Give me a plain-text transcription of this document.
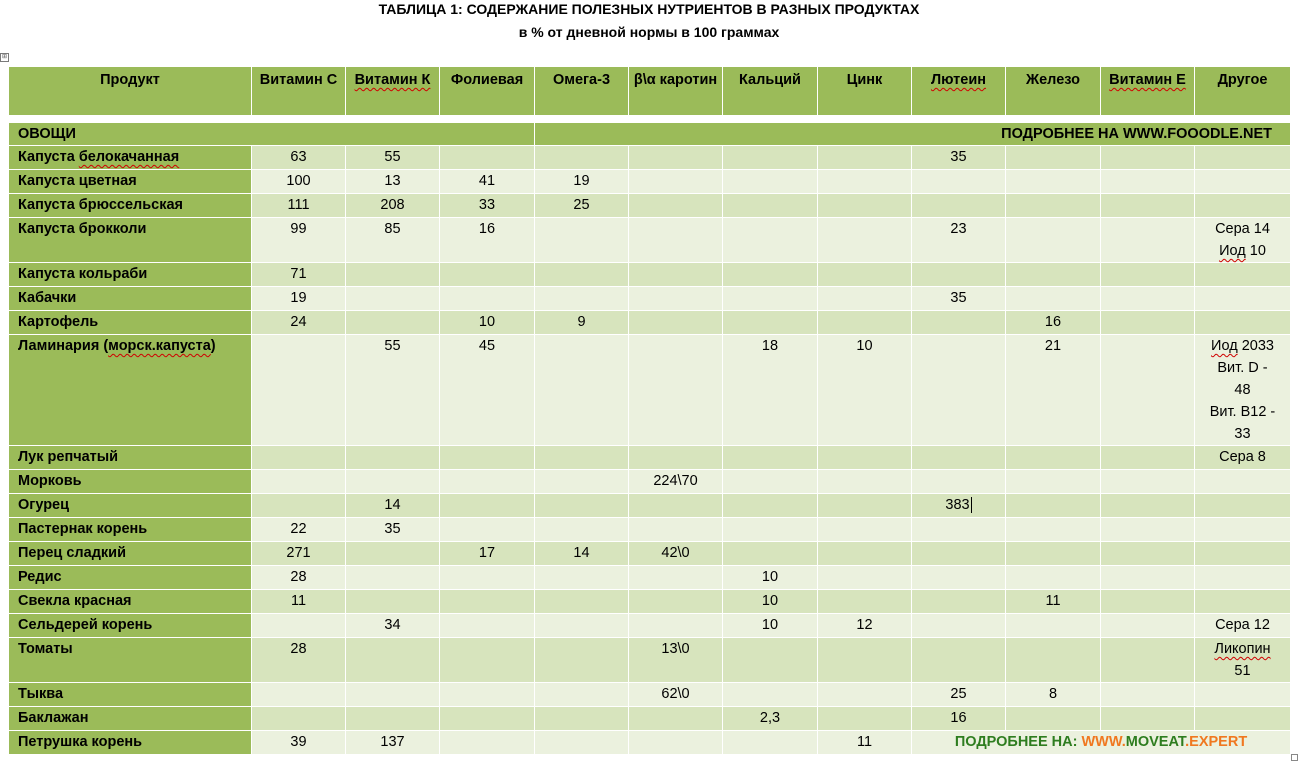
ТАБЛИЦА 1: СОДЕРЖАНИЕ ПОЛЕЗНЫХ НУТРИЕНТОВ В РАЗНЫХ ПРОДУКТАХ
в % от дневной нормы в 100 граммах
⊞
Продукт	Витамин С	Витамин К	Фолиевая	Омега-3	β\α каротин	Кальций	Цинк	Лютеин	Железо	Витамин Е	Другое

ОВОЩИ				ПОДРОБНЕЕ НА WWW.FOOODLE.NET							
Капуста белокачанная	63	55						35			
Капуста цветная	100	13	41	19							
Капуста брюссельская	111	208	33	25							
Капуста брокколи	99	85	16					23			Сера 14
Иод 10

Капуста кольраби	71										
Кабачки	19							35			
Картофель	24		10	9					16		
Ламинария (морск.капуста)		55	45			18	10		21		Иод 2033
Вит. D -
48
Вит. В12 -
33

Лук репчатый											Сера 8
Морковь					224\70						
Огурец		14						383			
Пастернак корень	22	35									
Перец сладкий	271		17	14	42\0						
Редис	28					10					
Свекла красная	11					10			11		
Сельдерей корень		34				10	12				Сера 12
Томаты	28				13\0						Ликопин
51

Тыква					62\0			25	8		
Баклажан						2,3		16			
Петрушка корень	39	137					11	ПОДРОБНЕЕ НА: WWW.MOVEAT.EXPERT			
